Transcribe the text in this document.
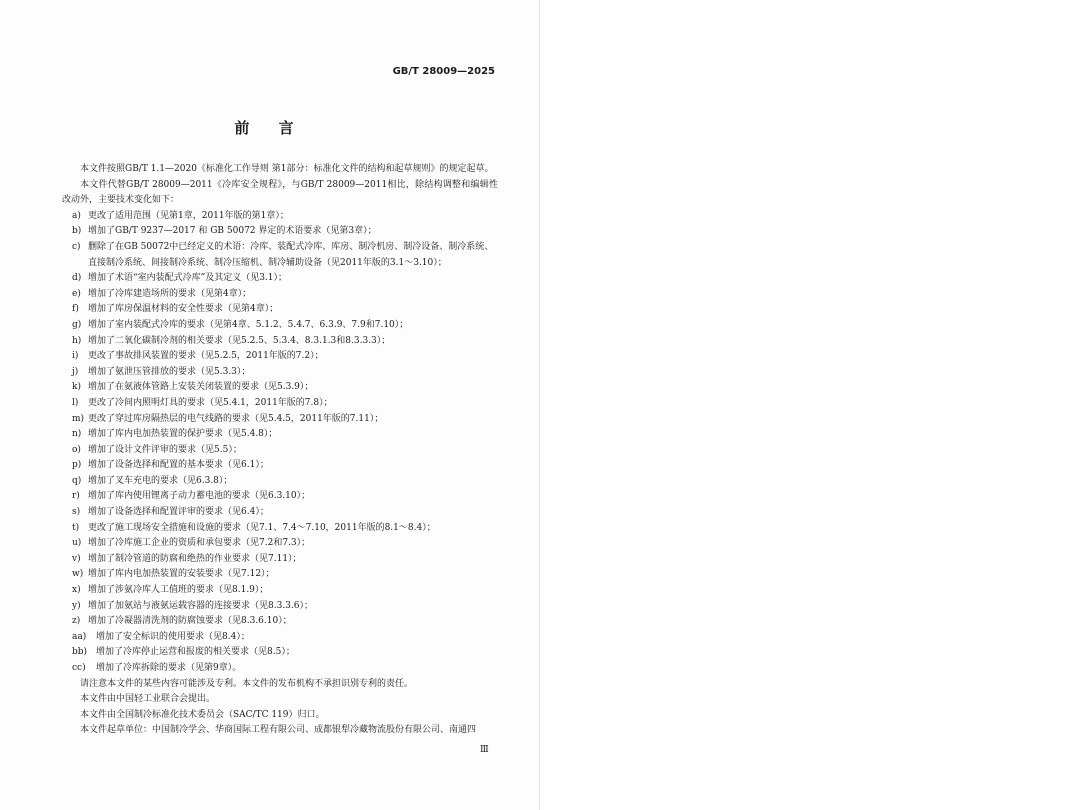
GB/T 28009—2025
前 言

本文件按照GB/T 1.1—2020《标准化工作导则 第1部分：标准化文件的结构和起草规则》的规定起草。

本文件代替GB/T 28009—2011《冷库安全规程》，与GB/T 28009—2011相比，除结构调整和编辑性改动外，主要技术变化如下：

a) 更改了适用范围（见第1章，2011年版的第1章）；
b) 增加了GB/T 9237—2017 和 GB 50072 界定的术语要求（见第3章）；
c) 删除了在GB 50072中已经定义的术语：冷库、装配式冷库、库房、制冷机房、制冷设备、制冷系统、直接制冷系统、间接制冷系统、制冷压缩机、制冷辅助设备（见2011年版的3.1～3.10）；
d) 增加了术语“室内装配式冷库”及其定义（见3.1）；
e) 增加了冷库建造场所的要求（见第4章）；
f) 增加了库房保温材料的安全性要求（见第4章）；
g) 增加了室内装配式冷库的要求（见第4章、5.1.2、5.4.7、6.3.9、7.9和7.10）；
h) 增加了二氧化碳制冷剂的相关要求（见5.2.5、5.3.4、8.3.1.3和8.3.3.3）；
i) 更改了事故排风装置的要求（见5.2.5，2011年版的7.2）；
j) 增加了氨泄压管排放的要求（见5.3.3）；
k) 增加了在氨液体管路上安装关闭装置的要求（见5.3.9）；
l) 更改了冷间内照明灯具的要求（见5.4.1，2011年版的7.8）；
m) 更改了穿过库房隔热层的电气线路的要求（见5.4.5，2011年版的7.11）；
n) 增加了库内电加热装置的保护要求（见5.4.8）；
o) 增加了设计文件评审的要求（见5.5）；
p) 增加了设备选择和配置的基本要求（见6.1）；
q) 增加了叉车充电的要求（见6.3.8）；
r) 增加了库内使用锂离子动力蓄电池的要求（见6.3.10）；
s) 增加了设备选择和配置评审的要求（见6.4）；
t) 更改了施工现场安全措施和设施的要求（见7.1、7.4～7.10，2011年版的8.1～8.4）；
u) 增加了冷库施工企业的资质和承包要求（见7.2和7.3）；
v) 增加了制冷管道的防腐和绝热的作业要求（见7.11）；
w) 增加了库内电加热装置的安装要求（见7.12）；
x) 增加了涉氨冷库人工值班的要求（见8.1.9）；
y) 增加了加氨站与液氨运载容器的连接要求（见8.3.3.6）；
z) 增加了冷凝器清洗剂的防腐蚀要求（见8.3.6.10）；
aa) 增加了安全标识的使用要求（见8.4）；
bb) 增加了冷库停止运营和报废的相关要求（见8.5）；
cc) 增加了冷库拆除的要求（见第9章）。

请注意本文件的某些内容可能涉及专利。本文件的发布机构不承担识别专利的责任。

本文件由中国轻工业联合会提出。

本文件由全国制冷标准化技术委员会（SAC/TC 119）归口。

本文件起草单位：中国制冷学会、华商国际工程有限公司、成都银犁冷藏物流股份有限公司、南通四

Ⅲ
